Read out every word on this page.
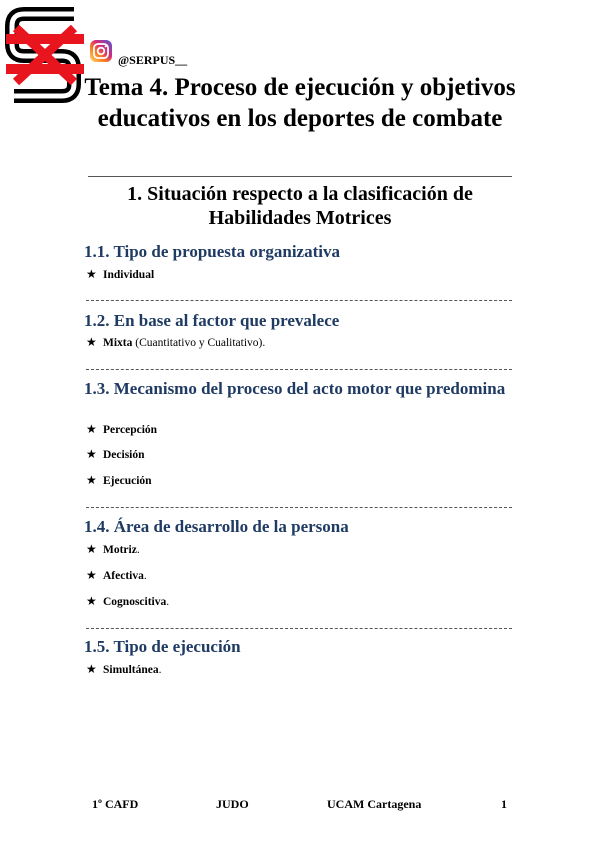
@SERPUS__
Tema 4. Proceso de ejecución y objetivos educativos en los deportes de combate
1. Situación respecto a la clasificación de Habilidades Motrices
1.1. Tipo de propuesta organizativa
★ Individual
1.2. En base al factor que prevalece
★ Mixta (Cuantitativo y Cualitativo).
1.3. Mecanismo del proceso del acto motor que predomina
★ Percepción
★ Decisión
★ Ejecución
1.4. Área de desarrollo de la persona
★ Motriz.
★ Afectiva.
★ Cognoscitiva.
1.5. Tipo de ejecución
★ Simultánea.
1º CAFD	JUDO	UCAM Cartagena	1
